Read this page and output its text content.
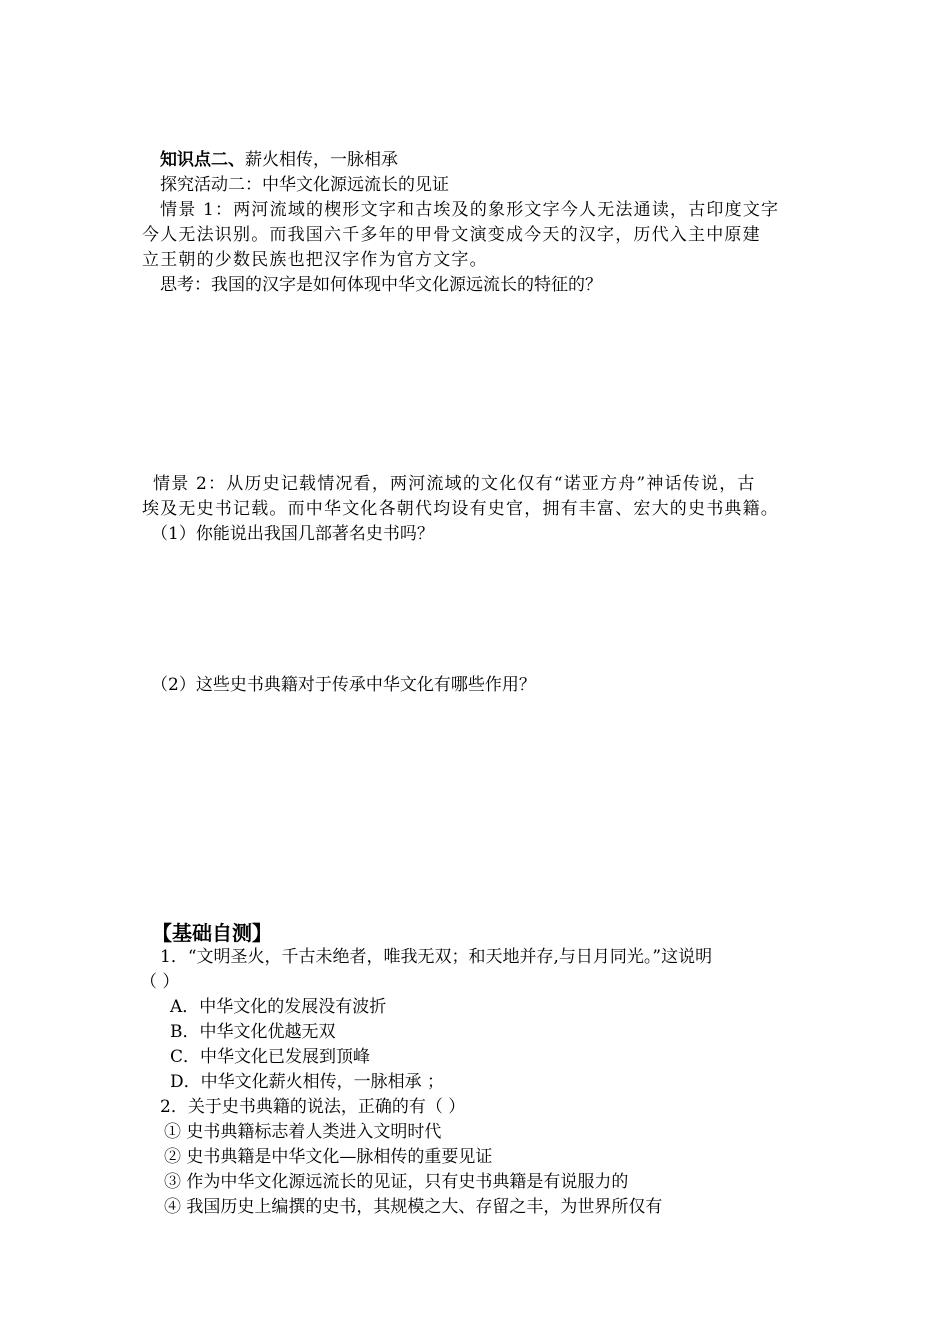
知识点二、薪火相传，一脉相承
探究活动二：中华文化源远流长的见证
情景 1：两河流域的楔形文字和古埃及的象形文字今人无法通读，古印度文字
今人无法识别。而我国六千多年的甲骨文演变成今天的汉字，历代入主中原建
立王朝的少数民族也把汉字作为官方文字。
思考：我国的汉字是如何体现中华文化源远流长的特征的？
情景 2：从历史记载情况看，两河流域的文化仅有“诺亚方舟”神话传说，古
埃及无史书记载。而中华文化各朝代均设有史官，拥有丰富、宏大的史书典籍。
（1）你能说出我国几部著名史书吗？
（2）这些史书典籍对于传承中华文化有哪些作用？
【基础自测】
1．“文明圣火，千古未绝者，唯我无双；和天地并存,与日月同光。”这说明
（ ）
A．中华文化的发展没有波折
B．中华文化优越无双
C．中华文化已发展到顶峰
D．中华文化薪火相传，一脉相承 ；
2．关于史书典籍的说法，正确的有（ ）
① 史书典籍标志着人类进入文明时代
② 史书典籍是中华文化—脉相传的重要见证
③ 作为中华文化源远流长的见证，只有史书典籍是有说服力的
④ 我国历史上编撰的史书，其规模之大、存留之丰，为世界所仅有
